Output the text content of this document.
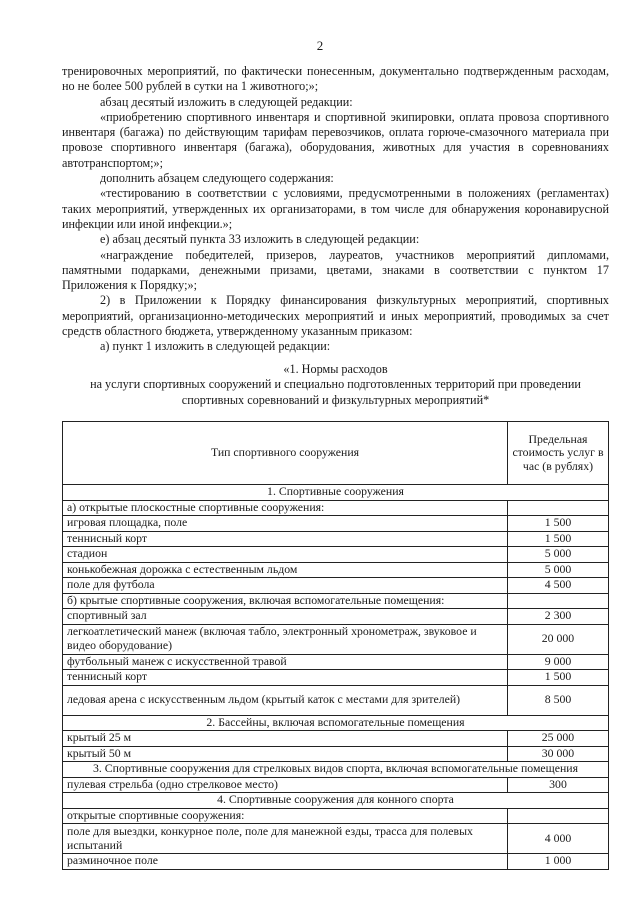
2

тренировочных мероприятий, по фактически понесенным, документально подтвержденным расходам, но не более 500 рублей в сутки на 1 животного;»;

абзац десятый изложить в следующей редакции:

«приобретению спортивного инвентаря и спортивной экипировки, оплата провоза спортивного инвентаря (багажа) по действующим тарифам перевозчиков, оплата горюче-смазочного материала при провозе спортивного инвентаря (багажа), оборудования, животных для участия в соревнованиях автотранспортом;»;

дополнить абзацем следующего содержания:

«тестированию в соответствии с условиями, предусмотренными в положениях (регламентах) таких мероприятий, утвержденных их организаторами, в том числе для обнаружения коронавирусной инфекции или иной инфекции.»;

е) абзац десятый пункта 33 изложить в следующей редакции:

«награждение победителей, призеров, лауреатов, участников мероприятий дипломами, памятными подарками, денежными призами, цветами, знаками в соответствии с пунктом 17 Приложения к Порядку;»;

2) в Приложении к Порядку финансирования физкультурных мероприятий, спортивных мероприятий, организационно-методических мероприятий и иных мероприятий, проводимых за счет средств областного бюджета, утвержденному указанным приказом:

а) пункт 1 изложить в следующей редакции:

«1. Нормы расходов
на услуги спортивных сооружений и специально подготовленных территорий при проведении
спортивных соревнований и физкультурных мероприятий*
Тип спортивного сооружения	Предельная стоимость услуг в час (в рублях)
1. Спортивные сооружения	
а) открытые плоскостные спортивные сооружения:	
игровая площадка, поле	1 500
теннисный корт	1 500
стадион	5 000
конькобежная дорожка с естественным льдом	5 000
поле для футбола	4 500
б) крытые спортивные сооружения, включая вспомогательные помещения:	
спортивный зал	2 300
легкоатлетический манеж (включая табло, электронный хронометраж, звуковое и видео оборудование)	20 000
футбольный манеж с искусственной травой	9 000
теннисный корт	1 500
ледовая арена с искусственным льдом (крытый каток с местами для зрителей)	8 500
2. Бассейны, включая вспомогательные помещения	
крытый 25 м	25 000
крытый 50 м	30 000
3. Спортивные сооружения для стрелковых видов спорта, включая вспомогательные помещения	
пулевая стрельба (одно стрелковое место)	300
4. Спортивные сооружения для конного спорта	
открытые спортивные сооружения:	
поле для выездки, конкурное поле, поле для манежной езды, трасса для полевых испытаний	4 000
разминочное поле	1 000
